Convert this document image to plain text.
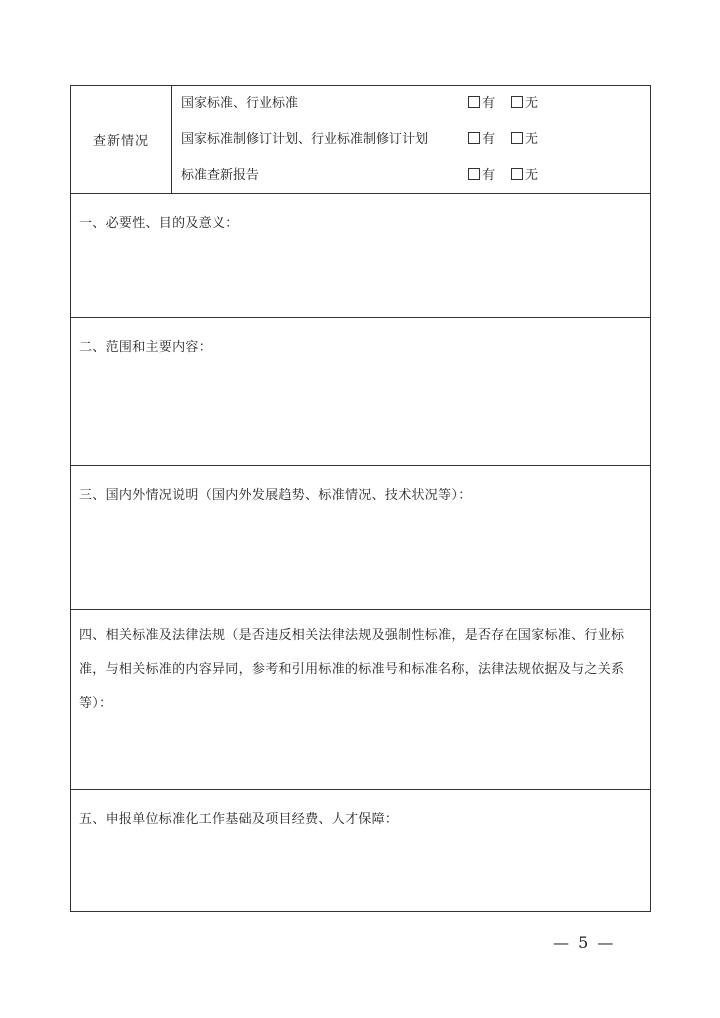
查新情况
国家标准、行业标准	有	无
国家标准制修订计划、行业标准制修订计划	有	无
标准查新报告	有	无
一、必要性、目的及意义：
二、范围和主要内容：
三、国内外情况说明（国内外发展趋势、标准情况、技术状况等）：
四、相关标准及法律法规（是否违反相关法律法规及强制性标准，是否存在国家标准、行业标准，与相关标准的内容异同，参考和引用标准的标准号和标准名称，法律法规依据及与之关系等）：
五、申报单位标准化工作基础及项目经费、人才保障：
— 5 —
